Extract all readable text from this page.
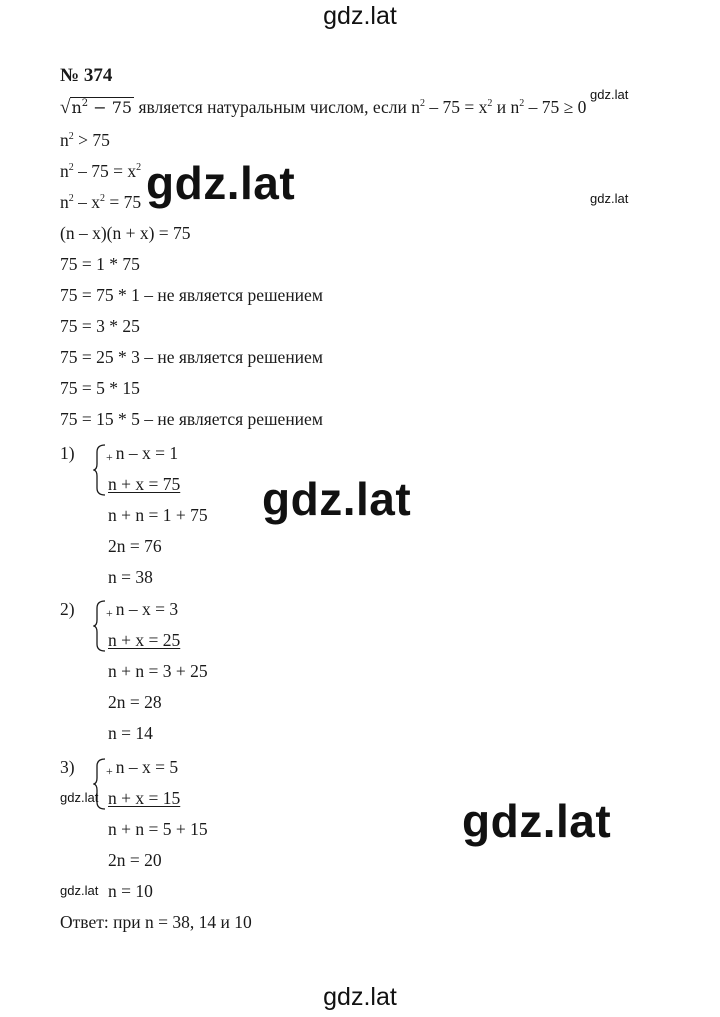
gdz.lat
gdz.lat
gdz.lat
gdz.lat
gdz.lat
gdz.lat
gdz.lat
gdz.lat
gdz.lat
№ 374
$√n^2 - 75$ является натуральным числом, если $n^2 - 75 = x^2$ и $n^2 - 75 \ge 0$
$n^2 > 75$
$n^2 - 75 = x^2$
$n^2 - x^2 = 75$
(n – x)(n + x) = 75
75 = 1 * 75
75 = 75 * 1 – не является решением
75 = 3 * 25
75 = 25 * 3 – не является решением
75 = 5 * 15
75 = 15 * 5 – не является решением
1)	+ n – x = 1
n + x = 75
n + n = 1 + 75
2n = 76
n = 38
2)	+ n – x = 3
n + x = 25
n + n = 3 + 25
2n = 28
n = 14
3)	+ n – x = 5
n + x = 15
n + n = 5 + 15
2n = 20
n = 10
Ответ: при n = 38, 14 и 10
